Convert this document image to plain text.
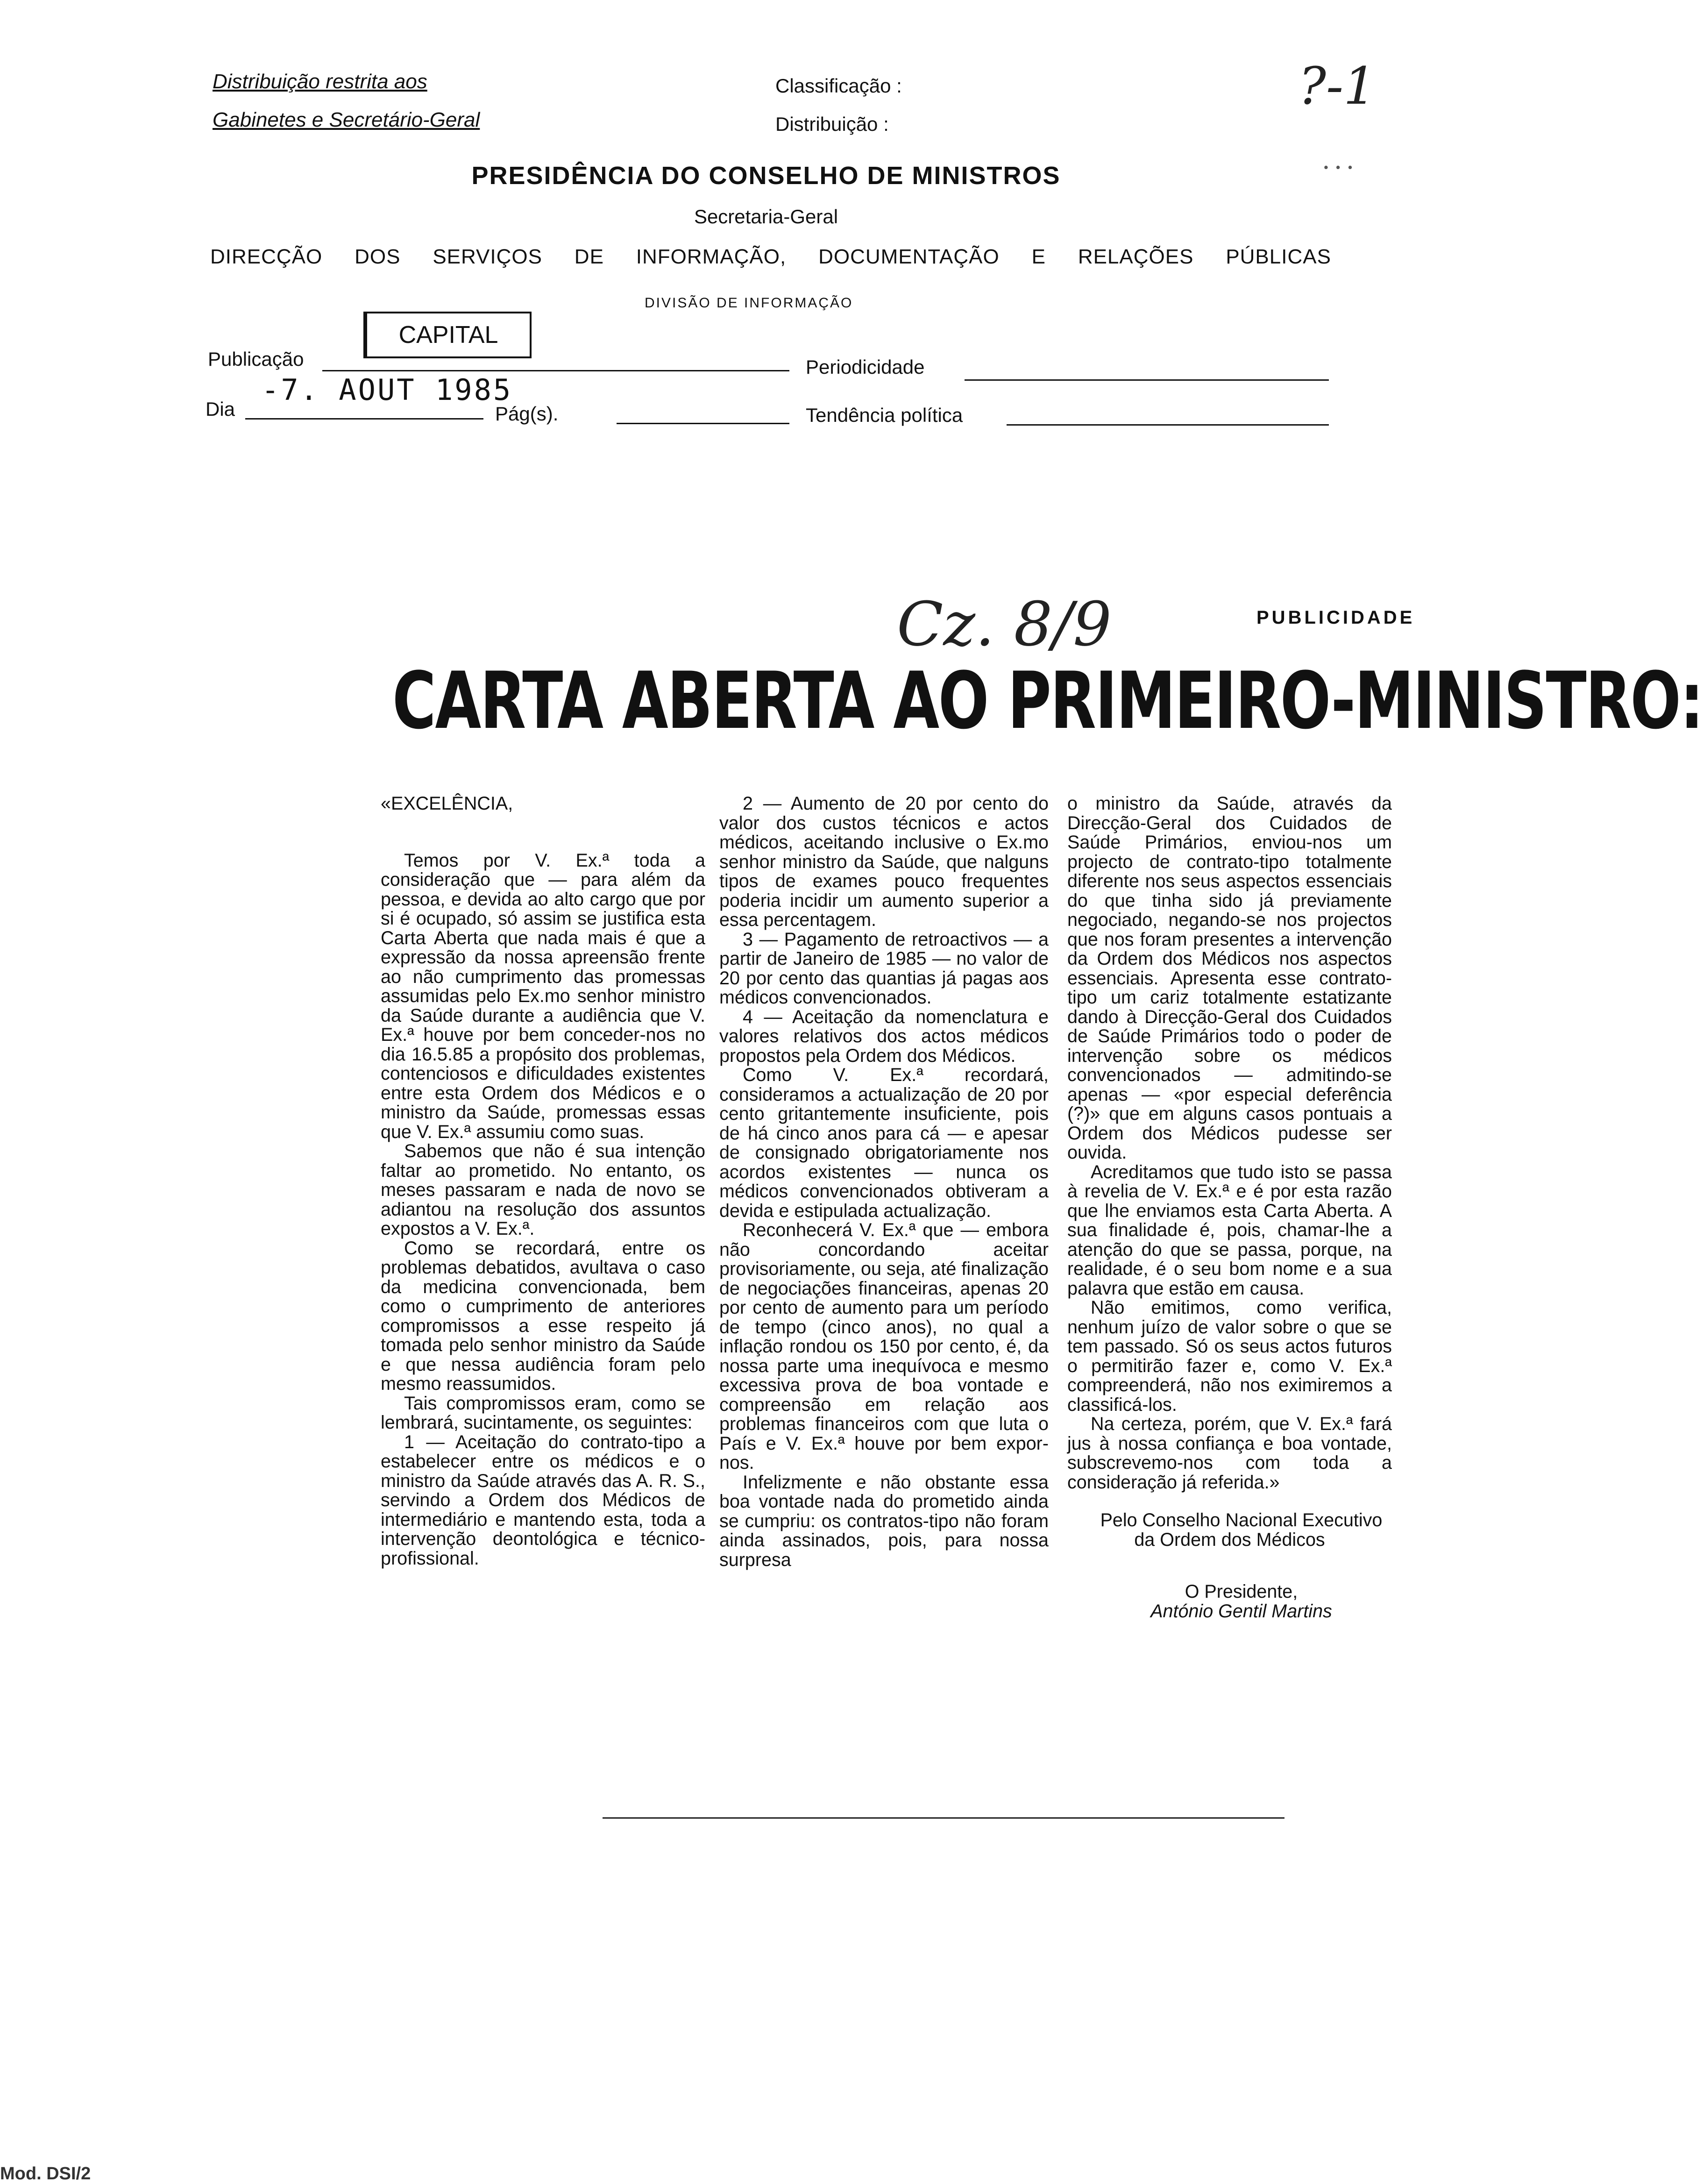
Distribuição restrita aos
Gabinetes e Secretário-Geral
Classificação :
Distribuição :
?-1
...
PRESIDÊNCIA DO CONSELHO DE MINISTROS
Secretaria-Geral
DIRECÇÃO DOS SERVIÇOS DE INFORMAÇÃO, DOCUMENTAÇÃO E RELAÇÕES PÚBLICAS
DIVISÃO DE INFORMAÇÃO
CAPITAL
Publicação	Periodicidade
-7. AOUT 1985
Dia	Pág(s).	Tendência política
PUBLICIDADE
CARTA ABERTA AO PRIMEIRO-MINISTRO:
Cz. 8/9

«EXCELÊNCIA,

Temos por V. Ex.ª toda a consideração que — para além da pessoa, e devida ao alto cargo que por si é ocupado, só assim se justifica esta Carta Aberta que nada mais é que a expressão da nossa apreensão frente ao não cumprimento das promessas assumidas pelo Ex.mo senhor ministro da Saúde durante a audiência que V. Ex.ª houve por bem conceder-nos no dia 16.5.85 a propósito dos problemas, contenciosos e dificuldades existentes entre esta Ordem dos Médicos e o ministro da Saúde, promessas essas que V. Ex.ª assumiu como suas.

Sabemos que não é sua intenção faltar ao prometido. No entanto, os meses passaram e nada de novo se adiantou na resolução dos assuntos expostos a V. Ex.ª.

Como se recordará, entre os problemas debatidos, avultava o caso da medicina convencionada, bem como o cumprimento de anteriores compromissos a esse respeito já tomada pelo senhor ministro da Saúde e que nessa audiência foram pelo mesmo reassumidos.

Tais compromissos eram, como se lembrará, sucintamente, os seguintes:

1 — Aceitação do contrato-tipo a estabelecer entre os médicos e o ministro da Saúde através das A. R. S., servindo a Ordem dos Médicos de intermediário e mantendo esta, toda a intervenção deontológica e técnico-profissional.

2 — Aumento de 20 por cento do valor dos custos técnicos e actos médicos, aceitando inclusive o Ex.mo senhor ministro da Saúde, que nalguns tipos de exames pouco frequentes poderia incidir um aumento superior a essa percentagem.

3 — Pagamento de retroactivos — a partir de Janeiro de 1985 — no valor de 20 por cento das quantias já pagas aos médicos convencionados.

4 — Aceitação da nomenclatura e valores relativos dos actos médicos propostos pela Ordem dos Médicos.

Como V. Ex.ª recordará, consideramos a actualização de 20 por cento gritantemente insuficiente, pois de há cinco anos para cá — e apesar de consignado obrigatoriamente nos acordos existentes — nunca os médicos convencionados obtiveram a devida e estipulada actualização.

Reconhecerá V. Ex.ª que — embora não concordando aceitar provisoriamente, ou seja, até finalização de negociações financeiras, apenas 20 por cento de aumento para um período de tempo (cinco anos), no qual a inflação rondou os 150 por cento, é, da nossa parte uma inequívoca e mesmo excessiva prova de boa vontade e compreensão em relação aos problemas financeiros com que luta o País e V. Ex.ª houve por bem expor-nos.

Infelizmente e não obstante essa boa vontade nada do prometido ainda se cumpriu: os contratos-tipo não foram ainda assinados, pois, para nossa surpresa

o ministro da Saúde, através da Direcção-Geral dos Cuidados de Saúde Primários, enviou-nos um projecto de contrato-tipo totalmente diferente nos seus aspectos essenciais do que tinha sido já previamente negociado, negando-se nos projectos que nos foram presentes a intervenção da Ordem dos Médicos nos aspectos essenciais. Apresenta esse contrato-tipo um cariz totalmente estatizante dando à Direcção-Geral dos Cuidados de Saúde Primários todo o poder de intervenção sobre os médicos convencionados — admitindo-se apenas — «por especial deferência (?)» que em alguns casos pontuais a Ordem dos Médicos pudesse ser ouvida.

Acreditamos que tudo isto se passa à revelia de V. Ex.ª e é por esta razão que lhe enviamos esta Carta Aberta. A sua finalidade é, pois, chamar-lhe a atenção do que se passa, porque, na realidade, é o seu bom nome e a sua palavra que estão em causa.

Não emitimos, como verifica, nenhum juízo de valor sobre o que se tem passado. Só os seus actos futuros o permitirão fazer e, como V. Ex.ª compreenderá, não nos eximiremos a classificá-los.

Na certeza, porém, que V. Ex.ª fará jus à nossa confiança e boa vontade, subscrevemo-nos com toda a consideração já referida.»

Pelo Conselho Nacional Executivo da Ordem dos Médicos

O Presidente,

António Gentil Martins

Mod. DSI/2
